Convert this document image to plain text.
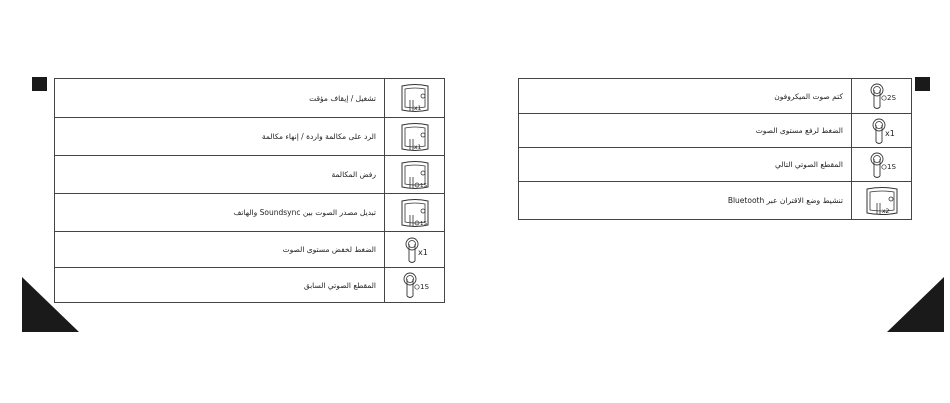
تشغيل / إيقاف مؤقت	x1

الرد على مكالمة واردة / إنهاء مكالمة	x1

رفض المكالمة	1S

تبديل مصدر الصوت بين Soundsync والهاتف	1S

الضغط لخفض مستوى الصوت	x1

المقطع الصوتي السابق	1S
كتم صوت الميكروفون	2S

الضغط لرفع مستوى الصوت	x1

المقطع الصوتي التالي	1S

تنشيط وضع الاقتران عبر Bluetooth	x2
